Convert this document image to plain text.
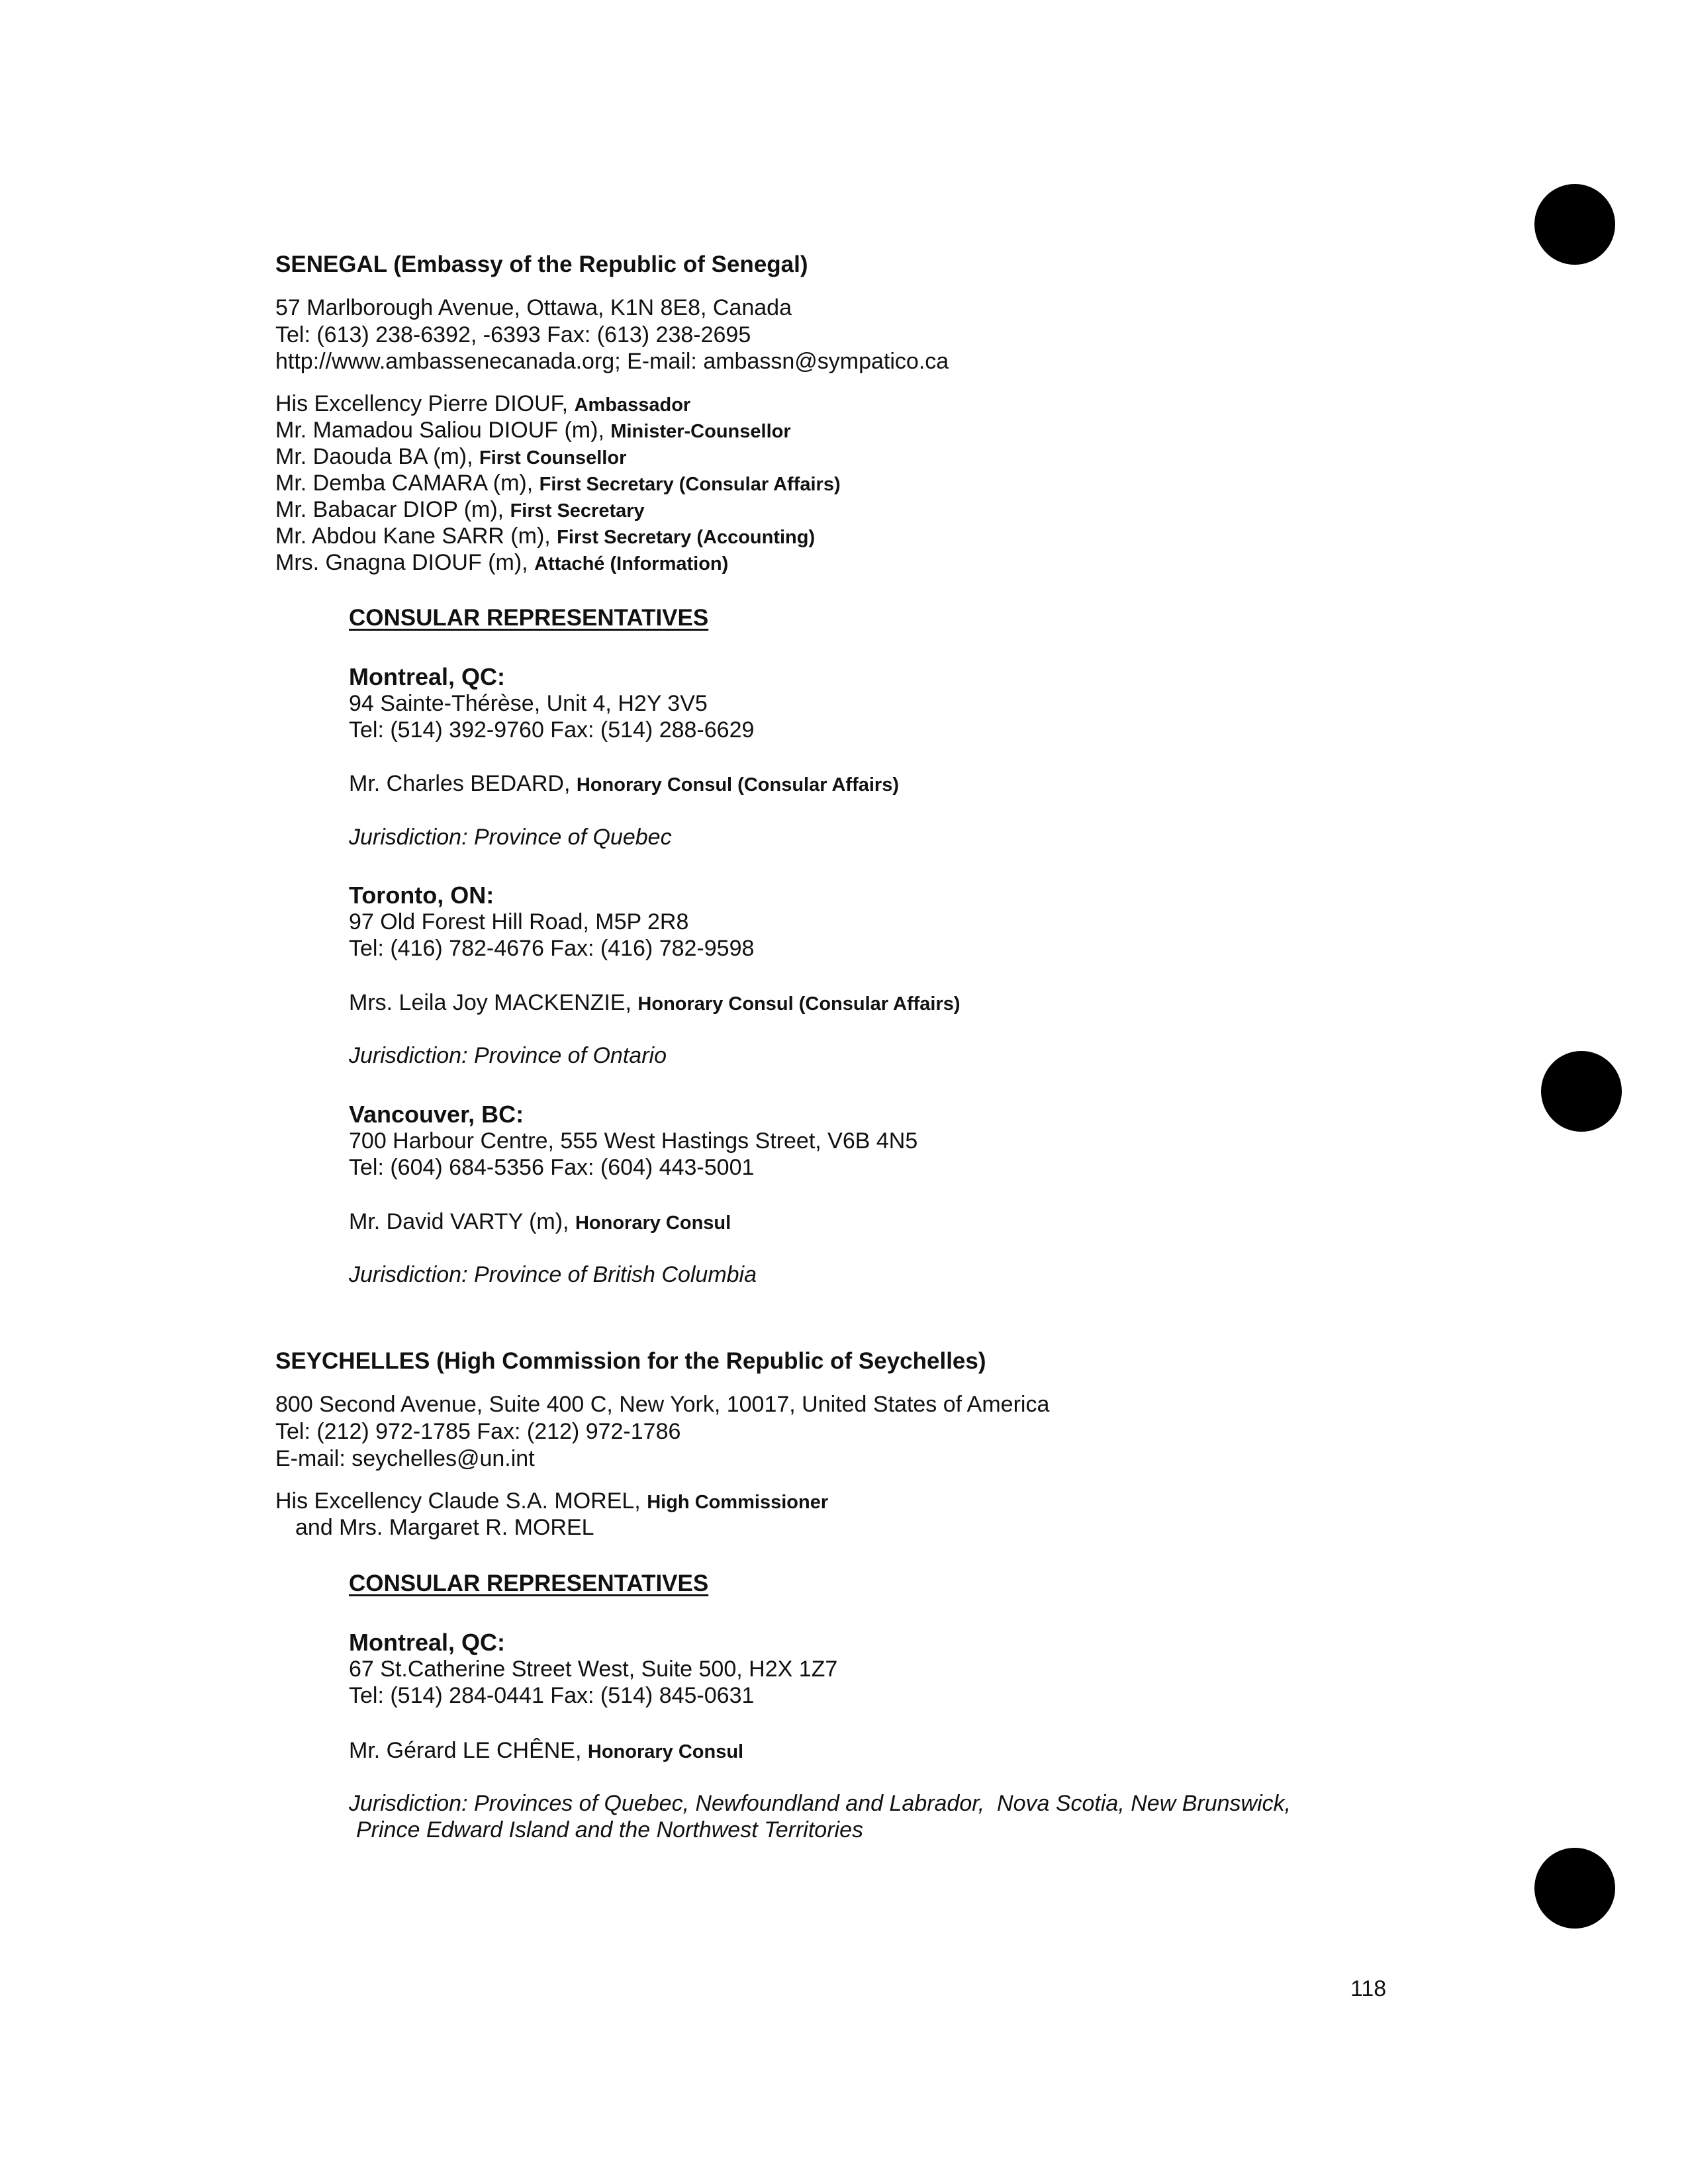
SENEGAL (Embassy of the Republic of Senegal)
57 Marlborough Avenue, Ottawa, K1N 8E8, Canada
Tel: (613) 238-6392, -6393 Fax: (613) 238-2695
http://www.ambassenecanada.org; E-mail: ambassn@sympatico.ca
His Excellency Pierre DIOUF, Ambassador
Mr. Mamadou Saliou DIOUF (m), Minister-Counsellor
Mr. Daouda BA (m), First Counsellor
Mr. Demba CAMARA (m), First Secretary (Consular Affairs)
Mr. Babacar DIOP (m), First Secretary
Mr. Abdou Kane SARR (m), First Secretary (Accounting)
Mrs. Gnagna DIOUF (m), Attaché (Information)
CONSULAR REPRESENTATIVES
Montreal, QC:
94 Sainte-Thérèse, Unit 4, H2Y 3V5
Tel: (514) 392-9760 Fax: (514) 288-6629
Mr. Charles BEDARD, Honorary Consul (Consular Affairs)
Jurisdiction: Province of Quebec
Toronto, ON:
97 Old Forest Hill Road, M5P 2R8
Tel: (416) 782-4676 Fax: (416) 782-9598
Mrs. Leila Joy MACKENZIE, Honorary Consul (Consular Affairs)
Jurisdiction: Province of Ontario
Vancouver, BC:
700 Harbour Centre, 555 West Hastings Street, V6B 4N5
Tel: (604) 684-5356 Fax: (604) 443-5001
Mr. David VARTY (m), Honorary Consul
Jurisdiction: Province of British Columbia
SEYCHELLES (High Commission for the Republic of Seychelles)
800 Second Avenue, Suite 400 C, New York, 10017, United States of America
Tel: (212) 972-1785 Fax: (212) 972-1786
E-mail: seychelles@un.int
His Excellency Claude S.A. MOREL, High Commissioner
and Mrs. Margaret R. MOREL
CONSULAR REPRESENTATIVES
Montreal, QC:
67 St.Catherine Street West, Suite 500, H2X 1Z7
Tel: (514) 284-0441 Fax: (514) 845-0631
Mr. Gérard LE CHÊNE, Honorary Consul
Jurisdiction: Provinces of Quebec, Newfoundland and Labrador,  Nova Scotia, New Brunswick,
Prince Edward Island and the Northwest Territories
118
